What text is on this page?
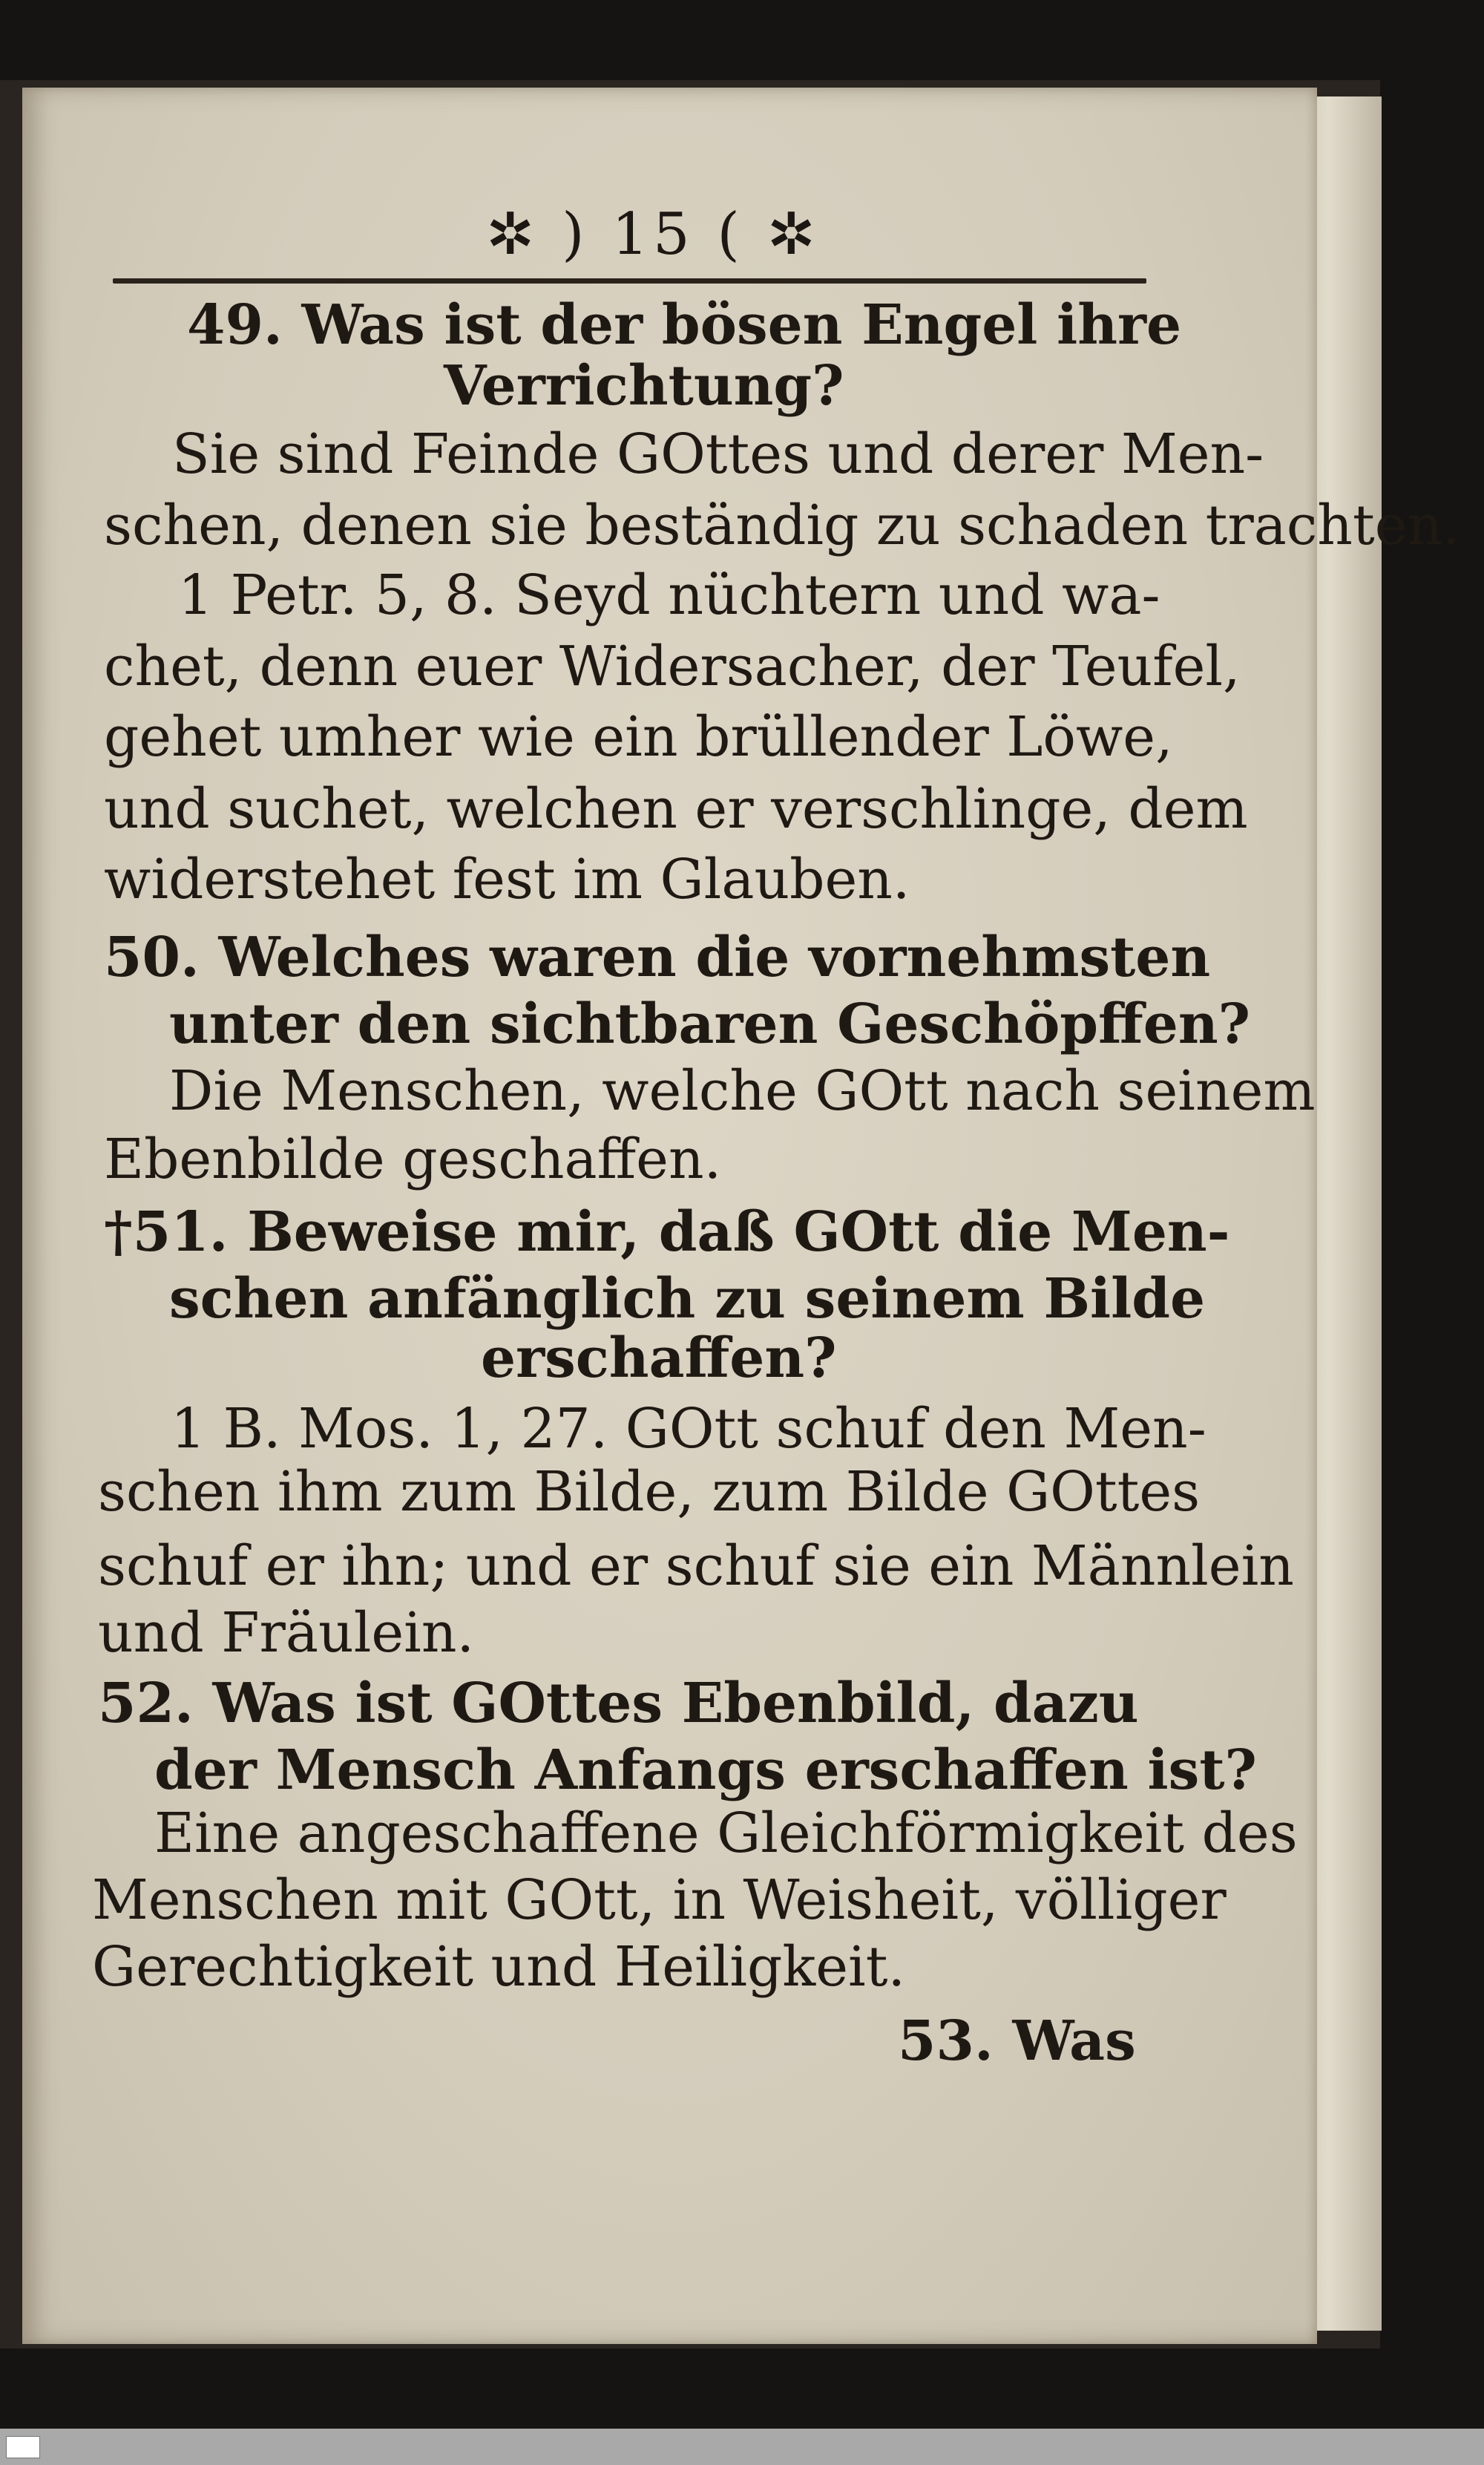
✲ ) 15 ( ✲

49. Was ist der bösen Engel ihre

Verrichtung?

Sie sind Feinde GOttes und derer Men-

schen, denen sie beständig zu schaden trachten.

1 Petr. 5, 8. Seyd nüchtern und wa-

chet, denn euer Widersacher, der Teufel,

gehet umher wie ein brüllender Löwe,

und suchet, welchen er verschlinge, dem

widerstehet fest im Glauben.

50. Welches waren die vornehmsten

unter den sichtbaren Geschöpffen?

Die Menschen, welche GOtt nach seinem

Ebenbilde geschaffen.

†51. Beweise mir, daß GOtt die Men-

schen anfänglich zu seinem Bilde

erschaffen?

1 B. Mos. 1, 27. GOtt schuf den Men-

schen ihm zum Bilde, zum Bilde GOttes

schuf er ihn; und er schuf sie ein Männlein

und Fräulein.

52. Was ist GOttes Ebenbild, dazu

der Mensch Anfangs erschaffen ist?

Eine angeschaffene Gleichförmigkeit des

Menschen mit GOtt, in Weisheit, völliger

Gerechtigkeit und Heiligkeit.

53. Was
